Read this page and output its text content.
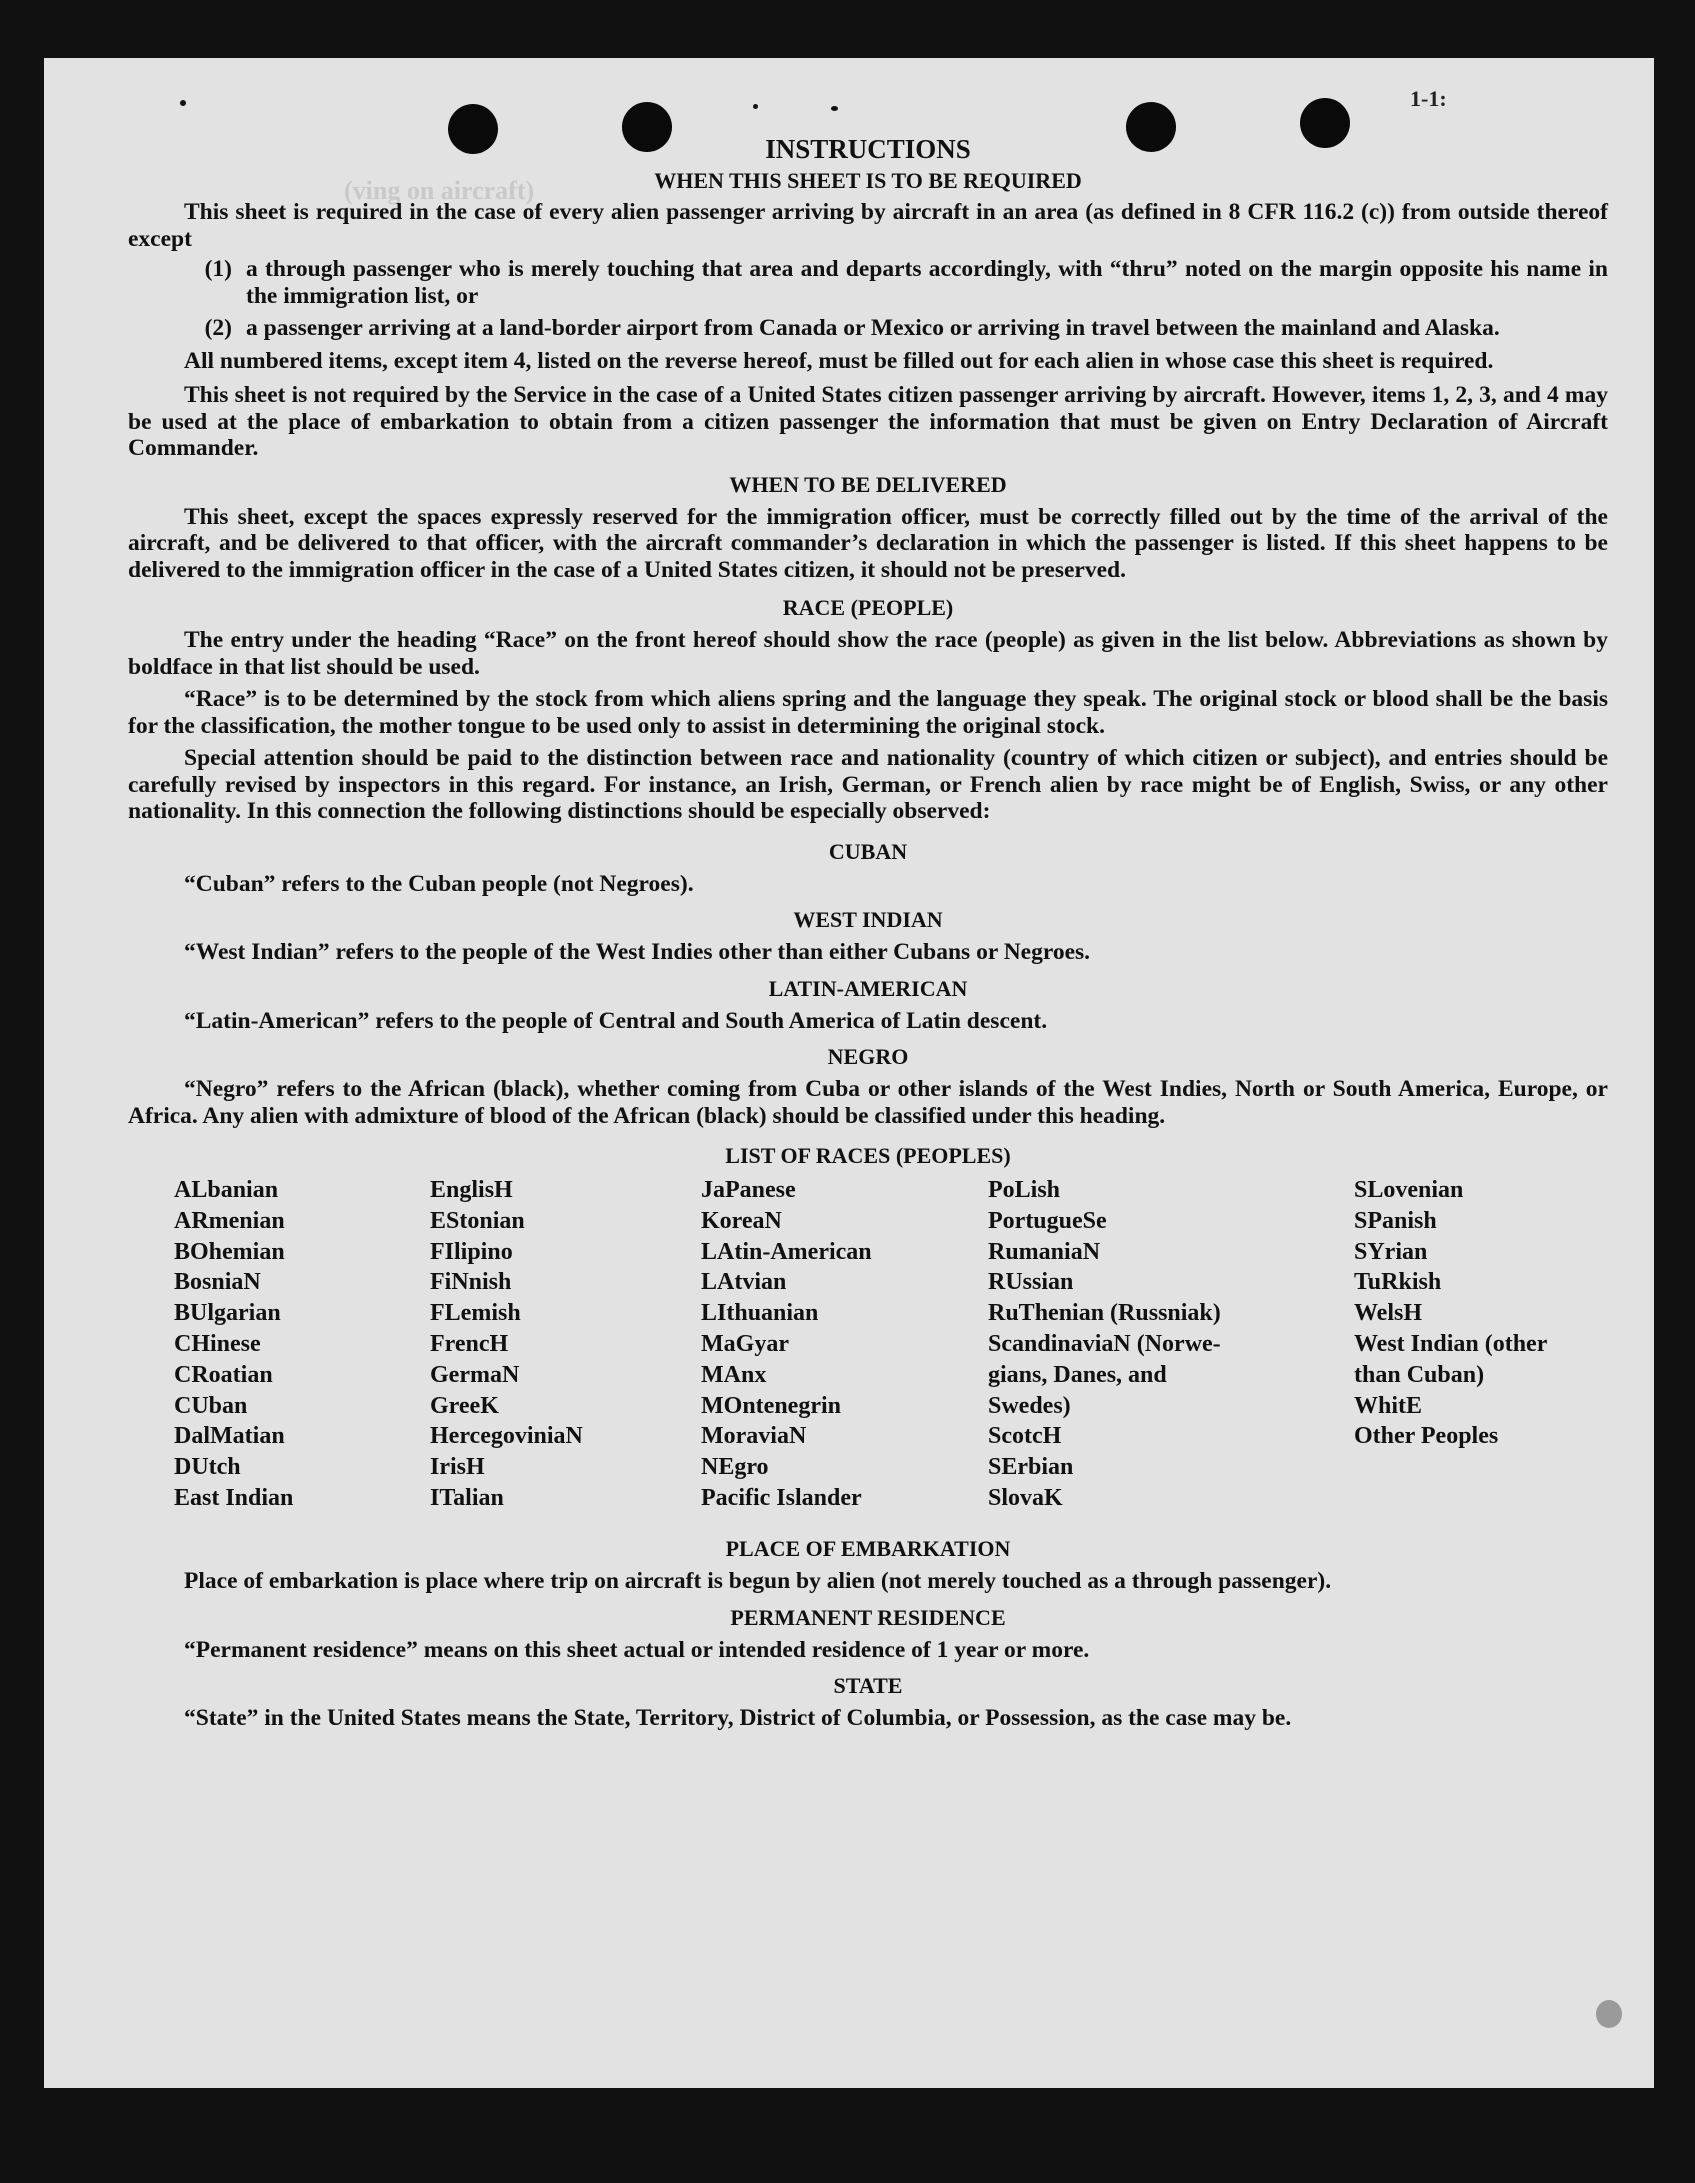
(ving on aircraft)
1-1:

INSTRUCTIONS

WHEN THIS SHEET IS TO BE REQUIRED

This sheet is required in the case of every alien passenger arriving by aircraft in an area (as defined in 8 CFR 116.2 (c)) from outside thereof except

(1) a through passenger who is merely touching that area and departs accordingly, with “thru” noted on the margin opposite his name in the immigration list, or
(2) a passenger arriving at a land-border airport from Canada or Mexico or arriving in travel between the mainland and Alaska.

All numbered items, except item 4, listed on the reverse hereof, must be filled out for each alien in whose case this sheet is required.

This sheet is not required by the Service in the case of a United States citizen passenger arriving by aircraft. However, items 1, 2, 3, and 4 may be used at the place of embarkation to obtain from a citizen passenger the information that must be given on Entry Declaration of Aircraft Commander.

WHEN TO BE DELIVERED

This sheet, except the spaces expressly reserved for the immigration officer, must be correctly filled out by the time of the arrival of the aircraft, and be delivered to that officer, with the aircraft commander’s declaration in which the passenger is listed. If this sheet happens to be delivered to the immigration officer in the case of a United States citizen, it should not be preserved.

RACE (PEOPLE)

The entry under the heading “Race” on the front hereof should show the race (people) as given in the list below. Abbreviations as shown by boldface in that list should be used.

“Race” is to be determined by the stock from which aliens spring and the language they speak. The original stock or blood shall be the basis for the classification, the mother tongue to be used only to assist in determining the original stock.

Special attention should be paid to the distinction between race and nationality (country of which citizen or subject), and entries should be carefully revised by inspectors in this regard. For instance, an Irish, German, or French alien by race might be of English, Swiss, or any other nationality. In this connection the following distinctions should be especially observed:

CUBAN

“Cuban” refers to the Cuban people (not Negroes).

WEST INDIAN

“West Indian” refers to the people of the West Indies other than either Cubans or Negroes.

LATIN-AMERICAN

“Latin-American” refers to the people of Central and South America of Latin descent.

NEGRO

“Negro” refers to the African (black), whether coming from Cuba or other islands of the West Indies, North or South America, Europe, or Africa. Any alien with admixture of blood of the African (black) should be classified under this heading.

LIST OF RACES (PEOPLES)

ALbanian
ARmenian
BOhemian
BosniaN
BUlgarian
CHinese
CRoatian
CUban
DalMatian
DUtch
East Indian
EnglisH
EStonian
FIlipino
FiNnish
FLemish
FrencH
GermaN
GreeK
HercegoviniaN
IrisH
ITalian
JaPanese
KoreaN
LAtin-American
LAtvian
LIthuanian
MaGyar
MAnx
MOntenegrin
MoraviaN
NEgro
Pacific Islander
PoLish
PortugueSe
RumaniaN
RUssian
RuThenian (Russniak)
ScandinaviaN (Norwe-
gians, Danes, and
Swedes)
ScotcH
SErbian
SlovaK
SLovenian
SPanish
SYrian
TuRkish
WelsH
West Indian (other
than Cuban)
WhitE
Other Peoples

PLACE OF EMBARKATION

Place of embarkation is place where trip on aircraft is begun by alien (not merely touched as a through passenger).

PERMANENT RESIDENCE

“Permanent residence” means on this sheet actual or intended residence of 1 year or more.

STATE

“State” in the United States means the State, Territory, District of Columbia, or Possession, as the case may be.
